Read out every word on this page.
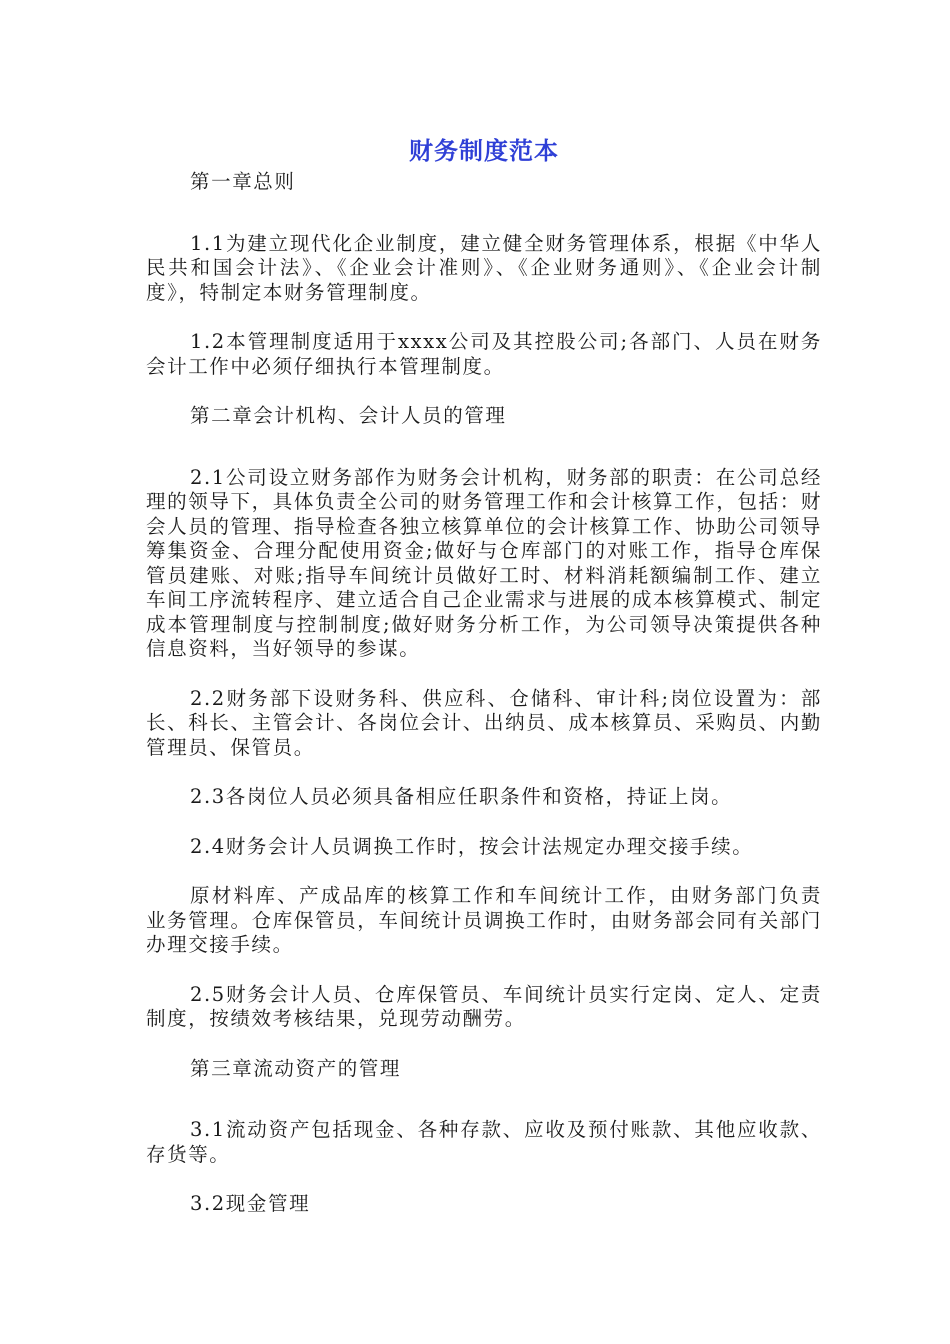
财务制度范本

第一章总则

1.1为建立现代化企业制度，建立健全财务管理体系，根据《中华人民共和国会计法》、《企业会计准则》、《企业财务通则》、《企业会计制度》，特制定本财务管理制度。

1.2本管理制度适用于xxxx公司及其控股公司;各部门、人员在财务会计工作中必须仔细执行本管理制度。

第二章会计机构、会计人员的管理

2.1公司设立财务部作为财务会计机构，财务部的职责：在公司总经理的领导下，具体负责全公司的财务管理工作和会计核算工作，包括：财会人员的管理、指导检查各独立核算单位的会计核算工作、协助公司领导筹集资金、合理分配使用资金;做好与仓库部门的对账工作，指导仓库保管员建账、对账;指导车间统计员做好工时、材料消耗额编制工作、建立车间工序流转程序、建立适合自己企业需求与进展的成本核算模式、制定成本管理制度与控制制度;做好财务分析工作，为公司领导决策提供各种信息资料，当好领导的参谋。

2.2财务部下设财务科、供应科、仓储科、审计科;岗位设置为：部长、科长、主管会计、各岗位会计、出纳员、成本核算员、采购员、内勤管理员、保管员。

2.3各岗位人员必须具备相应任职条件和资格，持证上岗。

2.4财务会计人员调换工作时，按会计法规定办理交接手续。

原材料库、产成品库的核算工作和车间统计工作，由财务部门负责业务管理。仓库保管员，车间统计员调换工作时，由财务部会同有关部门办理交接手续。

2.5财务会计人员、仓库保管员、车间统计员实行定岗、定人、定责制度，按绩效考核结果，兑现劳动酬劳。

第三章流动资产的管理

3.1流动资产包括现金、各种存款、应收及预付账款、其他应收款、存货等。

3.2现金管理
